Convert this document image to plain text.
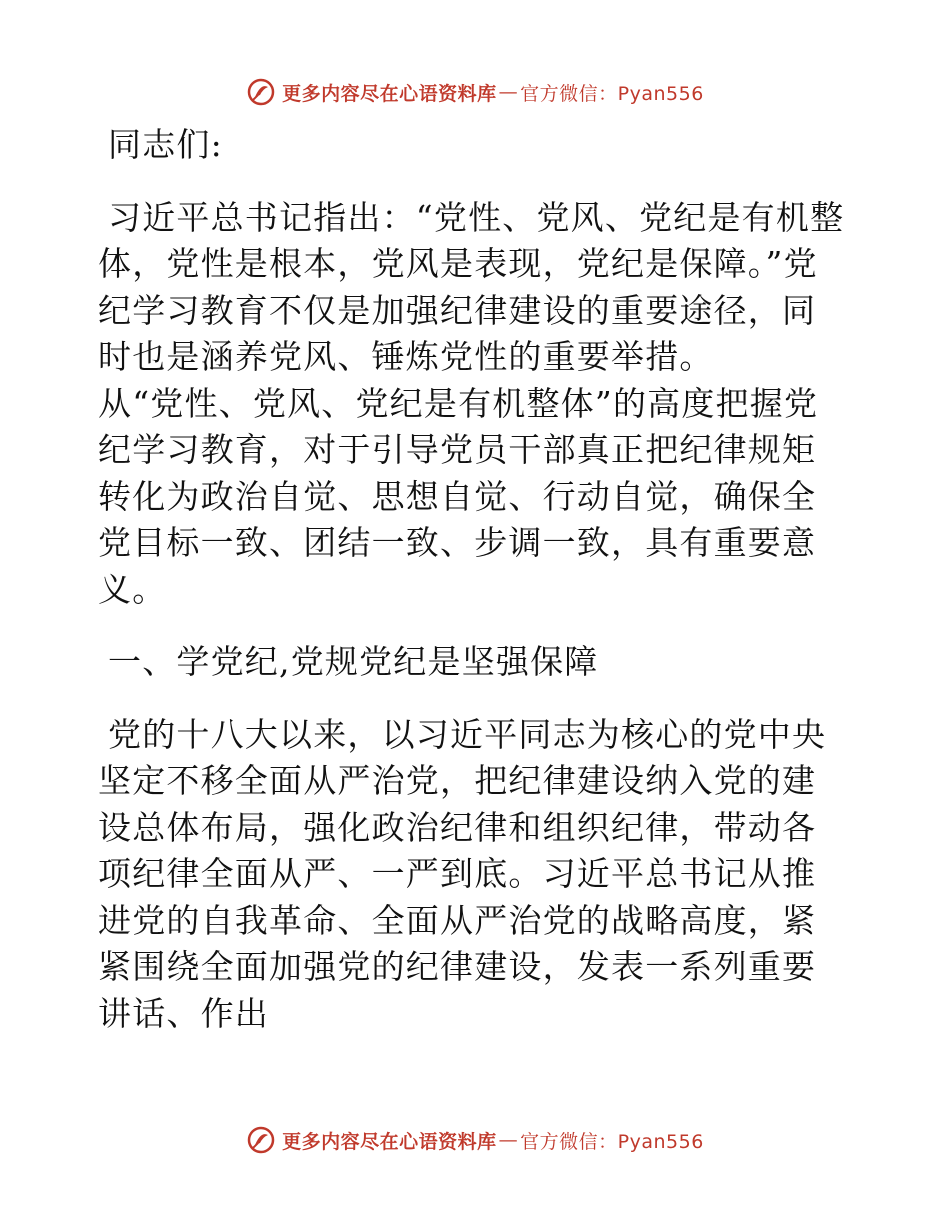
更多内容尽在心语资料库 — 官方微信：Pyan556

同志们:

习近平总书记指出：“党性、党风、党纪是有机整体，党性是根本，党风是表现，党纪是保障。”党纪学习教育不仅是加强纪律建设的重要途径，同时也是涵养党风、锤炼党性的重要举措。

从“党性、党风、党纪是有机整体”的高度把握党纪学习教育，对于引导党员干部真正把纪律规矩转化为政治自觉、思想自觉、行动自觉，确保全党目标一致、团结一致、步调一致，具有重要意义。

一、学党纪,党规党纪是坚强保障

党的十八大以来，以习近平同志为核心的党中央坚定不移全面从严治党，把纪律建设纳入党的建设总体布局，强化政治纪律和组织纪律，带动各项纪律全面从严、一严到底。习近平总书记从推进党的自我革命、全面从严治党的战略高度，紧紧围绕全面加强党的纪律建设，发表一系列重要讲话、作出

更多内容尽在心语资料库 — 官方微信：Pyan556
